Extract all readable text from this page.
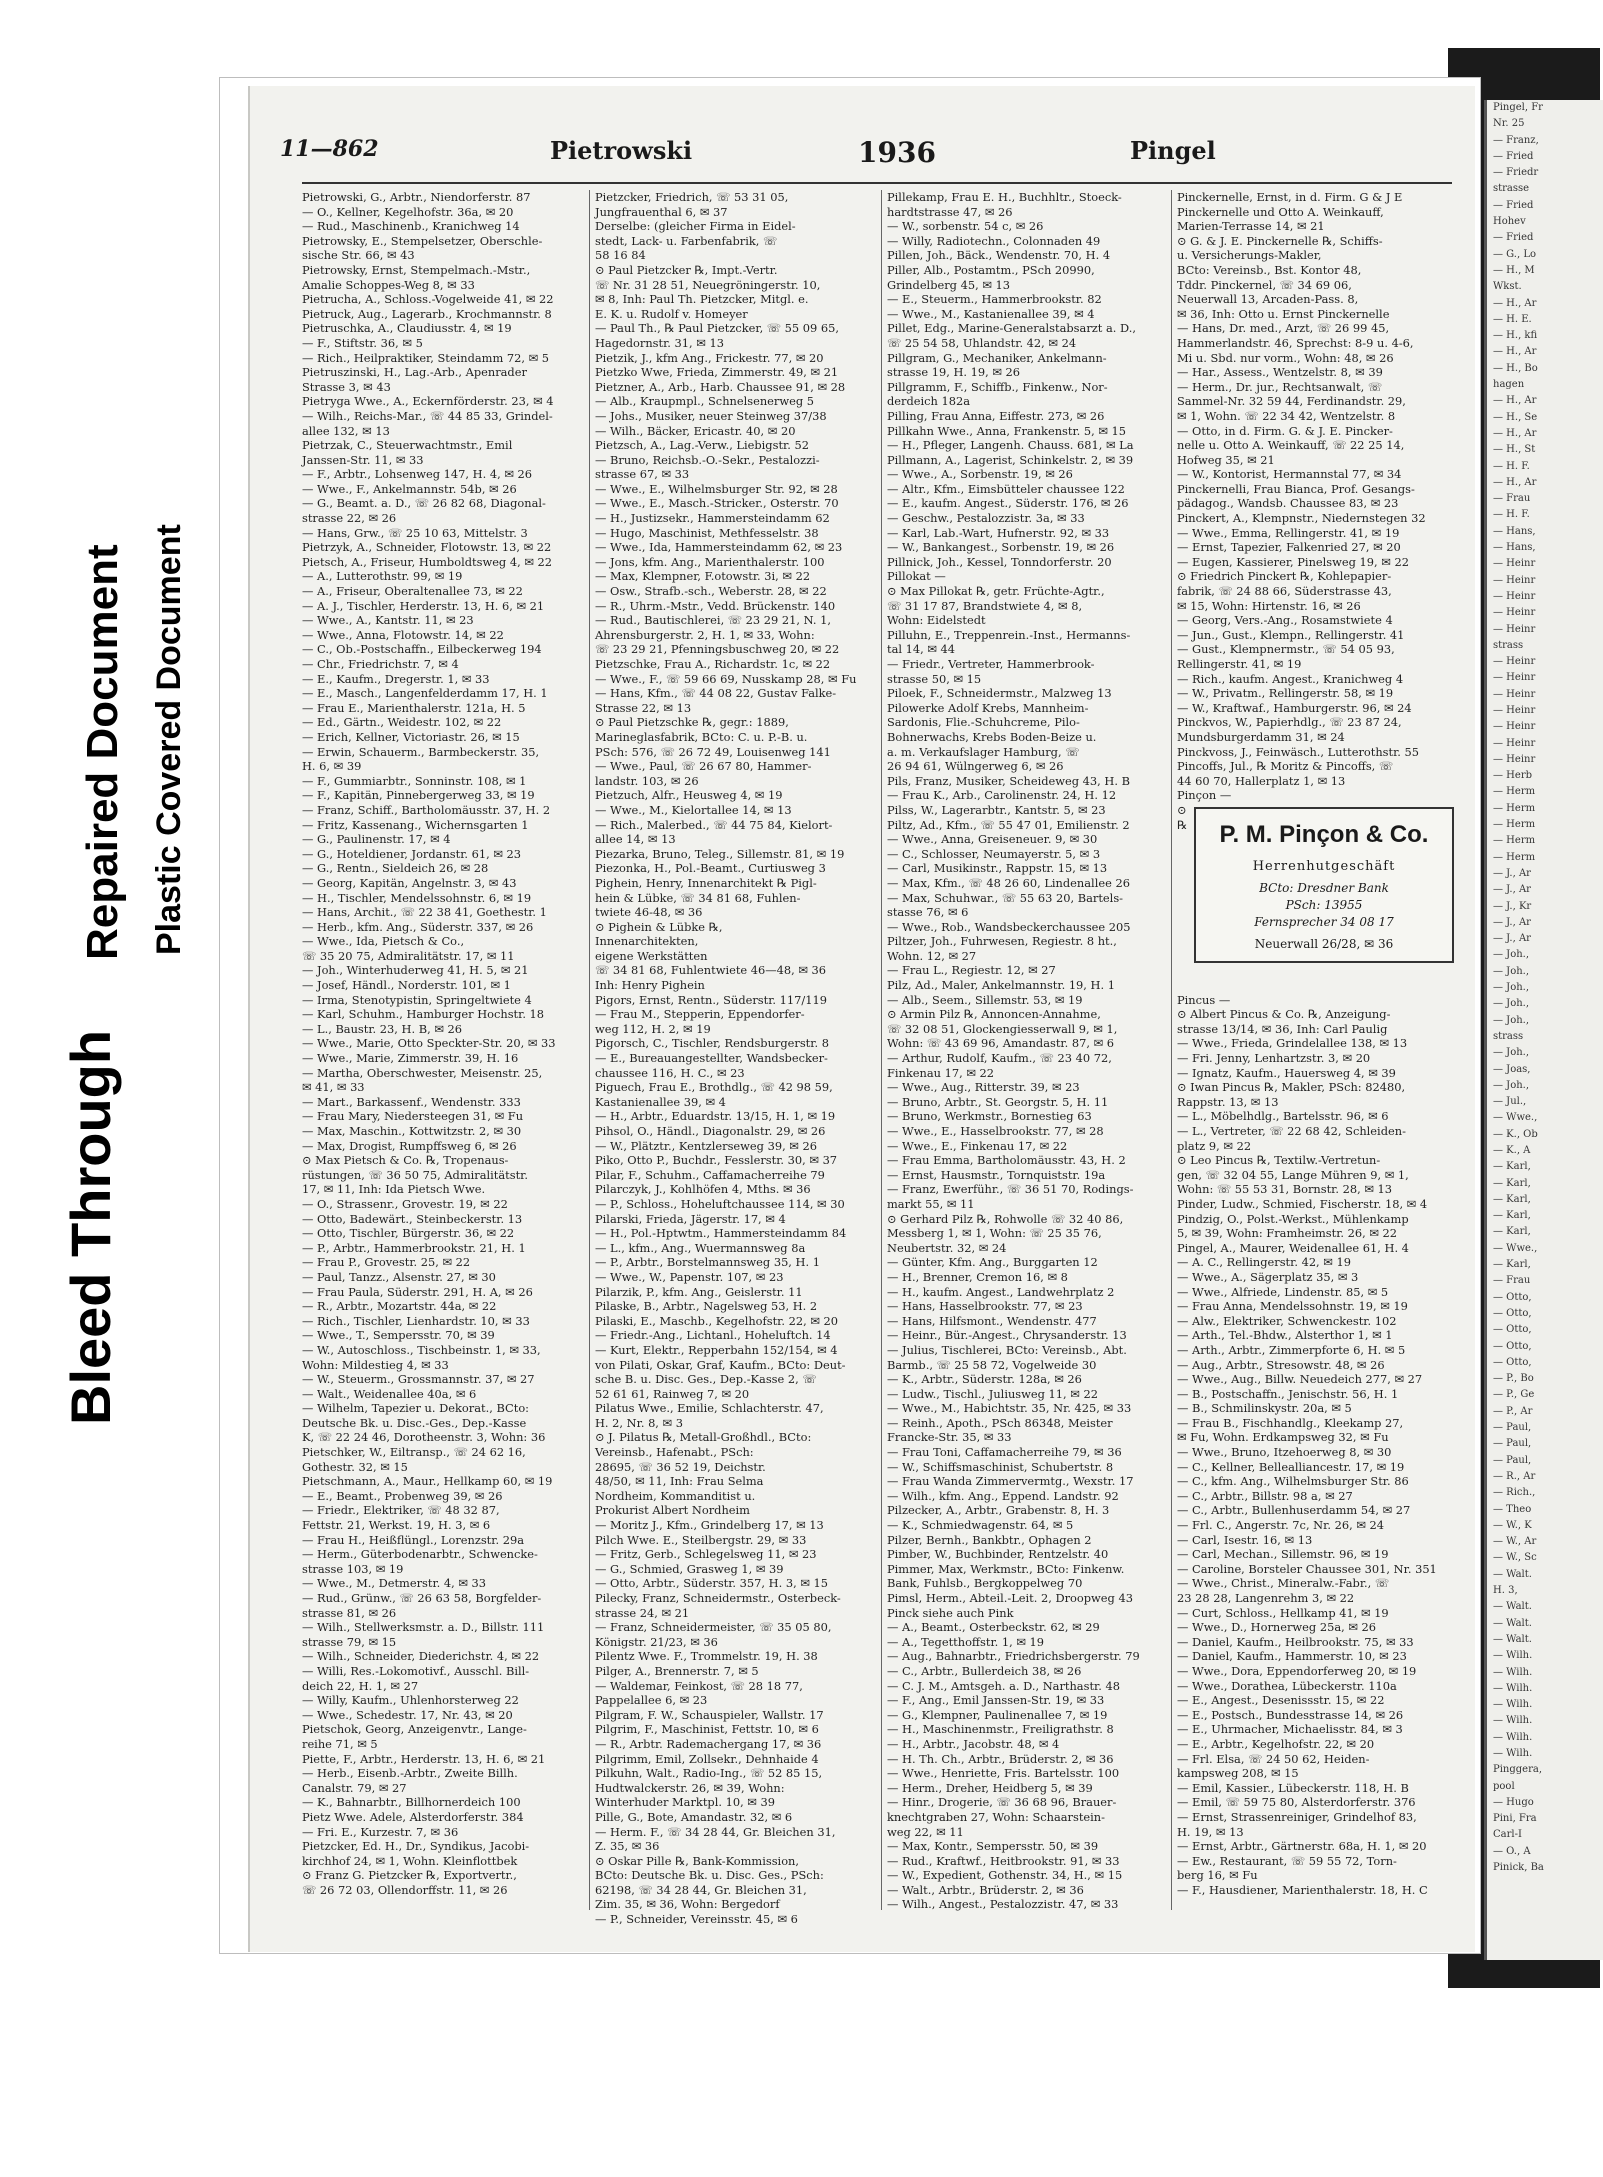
Bleed Through
Repaired Document Plastic Covered Document
Pingel, Fr
Nr. 25
— Franz,
— Fried
— Friedr
strasse
— Fried
Hohev
— Fried
— G., Lo
— H., M
Wkst.
— H., Ar
— H. E.
— H., kfi
— H., Ar
— H., Bo
hagen
— H., Ar
— H., Se
— H., Ar
— H., St
— H. F.
— H., Ar
— Frau
— H. F.
— Hans,
— Hans,
— Heinr
— Heinr
— Heinr
— Heinr
— Heinr
strass
— Heinr
— Heinr
— Heinr
— Heinr
— Heinr
— Heinr
— Heinr
— Herb
— Herm
— Herm
— Herm
— Herm
— Herm
— J., Ar
— J., Ar
— J., Kr
— J., Ar
— J., Ar
— Joh.,
— Joh.,
— Joh.,
— Joh.,
— Joh.,
strass
— Joh.,
— Joas,
— Joh.,
— Jul.,
— Wwe.,
— K., Ob
— K., A
— Karl,
— Karl,
— Karl,
— Karl,
— Karl,
— Wwe.,
— Karl,
— Frau
— Otto,
— Otto,
— Otto,
— Otto,
— Otto,
— P., Bo
— P., Ge
— P., Ar
— Paul,
— Paul,
— Paul,
— R., Ar
— Rich.,
— Theo
— W., K
— W., Ar
— W., Sc
— Walt.
H. 3,
— Walt.
— Walt.
— Walt.
— Wilh.
— Wilh.
— Wilh.
— Wilh.
— Wilh.
— Wilh.
— Wilh.
Pinggera,
pool
— Hugo
Pini, Fra
Carl-I
— O., A
Pinick, Ba
11—862	Pietrowski	1936	Pingel
Pietrowski, G., Arbtr., Niendorferstr. 87
— O., Kellner, Kegelhofstr. 36a, ✉ 20
— Rud., Maschinenb., Kranichweg 14
Pietrowsky, E., Stempelsetzer, Oberschle-
sische Str. 66, ✉ 43
Pietrowsky, Ernst, Stempelmach.-Mstr.,
Amalie Schoppes-Weg 8, ✉ 33
Pietrucha, A., Schloss.-Vogelweide 41, ✉ 22
Pietruck, Aug., Lagerarb., Krochmannstr. 8
Pietruschka, A., Claudiusstr. 4, ✉ 19
— F., Stiftstr. 36, ✉ 5
— Rich., Heilpraktiker, Steindamm 72, ✉ 5
Pietruszinski, H., Lag.-Arb., Apenrader
Strasse 3, ✉ 43
Pietryga Wwe., A., Eckernförderstr. 23, ✉ 4
— Wilh., Reichs-Mar., ☏ 44 85 33, Grindel-
allee 132, ✉ 13
Pietrzak, C., Steuerwachtmstr., Emil
Janssen-Str. 11, ✉ 33
— F., Arbtr., Lohsenweg 147, H. 4, ✉ 26
— Wwe., F., Ankelmannstr. 54b, ✉ 26
— G., Beamt. a. D., ☏ 26 82 68, Diagonal-
strasse 22, ✉ 26
— Hans, Grw., ☏ 25 10 63, Mittelstr. 3
Pietrzyk, A., Schneider, Flotowstr. 13, ✉ 22
Pietsch, A., Friseur, Humboldtsweg 4, ✉ 22
— A., Lutterothstr. 99, ✉ 19
— A., Friseur, Oberaltenallee 73, ✉ 22
— A. J., Tischler, Herderstr. 13, H. 6, ✉ 21
— Wwe., A., Kantstr. 11, ✉ 23
— Wwe., Anna, Flotowstr. 14, ✉ 22
— C., Ob.-Postschaffn., Eilbeckerweg 194
— Chr., Friedrichstr. 7, ✉ 4
— E., Kaufm., Dregerstr. 1, ✉ 33
— E., Masch., Langenfelderdamm 17, H. 1
— Frau E., Marienthalerstr. 121a, H. 5
— Ed., Gärtn., Weidestr. 102, ✉ 22
— Erich, Kellner, Victoriastr. 26, ✉ 15
— Erwin, Schauerm., Barmbeckerstr. 35,
H. 6, ✉ 39
— F., Gummiarbtr., Sonninstr. 108, ✉ 1
— F., Kapitän, Pinnebergerweg 33, ✉ 19
— Franz, Schiff., Bartholomäusstr. 37, H. 2
— Fritz, Kassenang., Wichernsgarten 1
— G., Paulinenstr. 17, ✉ 4
— G., Hoteldiener, Jordanstr. 61, ✉ 23
— G., Rentn., Sieldeich 26, ✉ 28
— Georg, Kapitän, Angelnstr. 3, ✉ 43
— H., Tischler, Mendelssohnstr. 6, ✉ 19
— Hans, Archit., ☏ 22 38 41, Goethestr. 1
— Herb., kfm. Ang., Süderstr. 337, ✉ 26
— Wwe., Ida, Pietsch & Co.,
☏ 35 20 75, Admiralitätstr. 17, ✉ 11
— Joh., Winterhuderweg 41, H. 5, ✉ 21
— Josef, Händl., Norderstr. 101, ✉ 1
— Irma, Stenotypistin, Springeltwiete 4
— Karl, Schuhm., Hamburger Hochstr. 18
— L., Baustr. 23, H. B, ✉ 26
— Wwe., Marie, Otto Speckter-Str. 20, ✉ 33
— Wwe., Marie, Zimmerstr. 39, H. 16
— Martha, Oberschwester, Meisenstr. 25,
✉ 41, ✉ 33
— Mart., Barkassenf., Wendenstr. 333
— Frau Mary, Niedersteegen 31, ✉ Fu
— Max, Maschin., Kottwitzstr. 2, ✉ 30
— Max, Drogist, Rumpffsweg 6, ✉ 26
⊙ Max Pietsch & Co. ℞, Tropenaus-
rüstungen, ☏ 36 50 75, Admiralitätstr.
17, ✉ 11, Inh: Ida Pietsch Wwe.
— O., Strassenr., Grovestr. 19, ✉ 22
— Otto, Badewärt., Steinbeckerstr. 13
— Otto, Tischler, Bürgerstr. 36, ✉ 22
— P., Arbtr., Hammerbrookstr. 21, H. 1
— Frau P., Grovestr. 25, ✉ 22
— Paul, Tanzz., Alsenstr. 27, ✉ 30
— Frau Paula, Süderstr. 291, H. A, ✉ 26
— R., Arbtr., Mozartstr. 44a, ✉ 22
— Rich., Tischler, Lienhardstr. 10, ✉ 33
— Wwe., T., Sempersstr. 70, ✉ 39
— W., Autoschloss., Tischbeinstr. 1, ✉ 33,
Wohn: Mildestieg 4, ✉ 33
— W., Steuerm., Grossmannstr. 37, ✉ 27
— Walt., Weidenallee 40a, ✉ 6
— Wilhelm, Tapezier u. Dekorat., BCto:
Deutsche Bk. u. Disc.-Ges., Dep.-Kasse
K, ☏ 22 24 46, Dorotheenstr. 3, Wohn: 36
Pietschker, W., Eiltransp., ☏ 24 62 16,
Gothestr. 32, ✉ 15
Pietschmann, A., Maur., Hellkamp 60, ✉ 19
— E., Beamt., Probenweg 39, ✉ 26
— Friedr., Elektriker, ☏ 48 32 87,
Fettstr. 21, Werkst. 19, H. 3, ✉ 6
— Frau H., Heißflüngl., Lorenzstr. 29a
— Herm., Güterbodenarbtr., Schwencke-
strasse 103, ✉ 19
— Wwe., M., Detmerstr. 4, ✉ 33
— Rud., Grünw., ☏ 26 63 58, Borgfelder-
strasse 81, ✉ 26
— Wilh., Stellwerksmstr. a. D., Billstr. 111
strasse 79, ✉ 15
— Wilh., Schneider, Diederichstr. 4, ✉ 22
— Willi, Res.-Lokomotivf., Ausschl. Bill-
deich 22, H. 1, ✉ 27
— Willy, Kaufm., Uhlenhorsterweg 22
— Wwe., Schedestr. 17, Nr. 43, ✉ 20
Pietschok, Georg, Anzeigenvtr., Lange-
reihe 71, ✉ 5
Piette, F., Arbtr., Herderstr. 13, H. 6, ✉ 21
— Herb., Eisenb.-Arbtr., Zweite Billh.
Canalstr. 79, ✉ 27
— K., Bahnarbtr., Billhornerdeich 100
Pietz Wwe. Adele, Alsterdorferstr. 384
— Fri. E., Kurzestr. 7, ✉ 36
Pietzcker, Ed. H., Dr., Syndikus, Jacobi-
kirchhof 24, ✉ 1, Wohn. Kleinflottbek
⊙ Franz G. Pietzcker ℞, Exportvertr.,
☏ 26 72 03, Ollendorffstr. 11, ✉ 26
Pietzcker, Friedrich, ☏ 53 31 05,
Jungfrauenthal 6, ✉ 37
Derselbe: (gleicher Firma in Eidel-
stedt, Lack- u. Farbenfabrik, ☏
58 16 84
⊙ Paul Pietzcker ℞, Impt.-Vertr.
☏ Nr. 31 28 51, Neuegröningerstr. 10,
✉ 8, Inh: Paul Th. Pietzcker, Mitgl. e.
E. K. u. Rudolf v. Homeyer
— Paul Th., ℞ Paul Pietzcker, ☏ 55 09 65,
Hagedornstr. 31, ✉ 13
Pietzik, J., kfm Ang., Frickestr. 77, ✉ 20
Pietzko Wwe, Frieda, Zimmerstr. 49, ✉ 21
Pietzner, A., Arb., Harb. Chaussee 91, ✉ 28
— Alb., Kraupmpl., Schnelsenerweg 5
— Johs., Musiker, neuer Steinweg 37/38
— Wilh., Bäcker, Ericastr. 40, ✉ 20
Pietzsch, A., Lag.-Verw., Liebigstr. 52
— Bruno, Reichsb.-O.-Sekr., Pestalozzi-
strasse 67, ✉ 33
— Wwe., E., Wilhelmsburger Str. 92, ✉ 28
— Wwe., E., Masch.-Stricker., Osterstr. 70
— H., Justizsekr., Hammersteindamm 62
— Hugo, Maschinist, Methfesselstr. 38
— Wwe., Ida, Hammersteindamm 62, ✉ 23
— Jons, kfm. Ang., Marienthalerstr. 100
— Max, Klempner, F.otowstr. 3i, ✉ 22
— Osw., Strafb.-sch., Weberstr. 28, ✉ 22
— R., Uhrm.-Mstr., Vedd. Brückenstr. 140
— Rud., Bautischlerei, ☏ 23 29 21, N. 1,
Ahrensburgerstr. 2, H. 1, ✉ 33, Wohn:
☏ 23 29 21, Pfenningsbuschweg 20, ✉ 22
Pietzschke, Frau A., Richardstr. 1c, ✉ 22
— Wwe., F., ☏ 59 66 69, Nusskamp 28, ✉ Fu
— Hans, Kfm., ☏ 44 08 22, Gustav Falke-
Strasse 22, ✉ 13
⊙ Paul Pietzschke ℞, gegr.: 1889,
Marineglasfabrik, BCto: C. u. P.-B. u.
PSch: 576, ☏ 26 72 49, Louisenweg 141
— Wwe., Paul, ☏ 26 67 80, Hammer-
landstr. 103, ✉ 26
Pietzuch, Alfr., Heusweg 4, ✉ 19
— Wwe., M., Kielortallee 14, ✉ 13
— Rich., Malerbed., ☏ 44 75 84, Kielort-
allee 14, ✉ 13
Piezarka, Bruno, Teleg., Sillemstr. 81, ✉ 19
Piezonka, H., Pol.-Beamt., Curtiusweg 3
Pighein, Henry, Innenarchitekt ℞ Pigl-
hein & Lübke, ☏ 34 81 68, Fuhlen-
twiete 46-48, ✉ 36
⊙ Pighein & Lübke ℞,
Innenarchitekten,
eigene Werkstätten
☏ 34 81 68, Fuhlentwiete 46—48, ✉ 36
Inh: Henry Pighein
Pigors, Ernst, Rentn., Süderstr. 117/119
— Frau M., Stepperin, Eppendorfer-
weg 112, H. 2, ✉ 19
Pigorsch, C., Tischler, Rendsburgerstr. 8
— E., Bureauangestellter, Wandsbecker-
chaussee 116, H. C., ✉ 23
Piguech, Frau E., Brothdlg., ☏ 42 98 59,
Kastanienallee 39, ✉ 4
— H., Arbtr., Eduardstr. 13/15, H. 1, ✉ 19
Pihsol, O., Händl., Diagonalstr. 29, ✉ 26
— W., Plätztr., Kentzlerseweg 39, ✉ 26
Piko, Otto P., Buchdr., Fesslerstr. 30, ✉ 37
Pilar, F., Schuhm., Caffamacherreihe 79
Pilarczyk, J., Kohlhöfen 4, Mths. ✉ 36
— P., Schloss., Hoheluftchaussee 114, ✉ 30
Pilarski, Frieda, Jägerstr. 17, ✉ 4
— H., Pol.-Hptwtm., Hammersteindamm 84
— L., kfm., Ang., Wuermannsweg 8a
— P., Arbtr., Borstelmannsweg 35, H. 1
— Wwe., W., Papenstr. 107, ✉ 23
Pilarzik, P., kfm. Ang., Geislerstr. 11
Pilaske, B., Arbtr., Nagelsweg 53, H. 2
Pilaski, E., Maschb., Kegelhofstr. 22, ✉ 20
— Friedr.-Ang., Lichtanl., Hoheluftch. 14
— Kurt, Elektr., Repperbahn 152/154, ✉ 4
von Pilati, Oskar, Graf, Kaufm., BCto: Deut-
sche B. u. Disc. Ges., Dep.-Kasse 2, ☏
52 61 61, Rainweg 7, ✉ 20
Pilatus Wwe., Emilie, Schlachterstr. 47,
H. 2, Nr. 8, ✉ 3
⊙ J. Pilatus ℞, Metall-Großhdl., BCto:
Vereinsb., Hafenabt., PSch:
28695, ☏ 36 52 19, Deichstr.
48/50, ✉ 11, Inh: Frau Selma
Nordheim, Kommanditist u.
Prokurist Albert Nordheim
— Moritz J., Kfm., Grindelberg 17, ✉ 13
Pilch Wwe. E., Steilbergstr. 29, ✉ 33
— Fritz, Gerb., Schlegelsweg 11, ✉ 23
— G., Schmied, Grasweg 1, ✉ 39
— Otto, Arbtr., Süderstr. 357, H. 3, ✉ 15
Pilecky, Franz, Schneidermstr., Osterbeck-
strasse 24, ✉ 21
— Franz, Schneidermeister, ☏ 35 05 80,
Königstr. 21/23, ✉ 36
Pilentz Wwe. F., Trommelstr. 19, H. 38
Pilger, A., Brennerstr. 7, ✉ 5
— Waldemar, Feinkost, ☏ 28 18 77,
Pappelallee 6, ✉ 23
Pilgram, F. W., Schauspieler, Wallstr. 17
Pilgrim, F., Maschinist, Fettstr. 10, ✉ 6
— R., Arbtr. Rademachergang 17, ✉ 36
Pilgrimm, Emil, Zollsekr., Dehnhaide 4
Pilkuhn, Walt., Radio-Ing., ☏ 52 85 15,
Hudtwalckerstr. 26, ✉ 39, Wohn:
Winterhuder Marktpl. 10, ✉ 39
Pille, G., Bote, Amandastr. 32, ✉ 6
— Herm. F., ☏ 34 28 44, Gr. Bleichen 31,
Z. 35, ✉ 36
⊙ Oskar Pille ℞, Bank-Kommission,
BCto: Deutsche Bk. u. Disc. Ges., PSch:
62198, ☏ 34 28 44, Gr. Bleichen 31,
Zim. 35, ✉ 36, Wohn: Bergedorf
— P., Schneider, Vereinsstr. 45, ✉ 6
Pillekamp, Frau E. H., Buchhltr., Stoeck-
hardtstrasse 47, ✉ 26
— W., sorbenstr. 54 c, ✉ 26
— Willy, Radiotechn., Colonnaden 49
Pillen, Joh., Bäck., Wendenstr. 70, H. 4
Piller, Alb., Postamtm., PSch 20990,
Grindelberg 45, ✉ 13
— E., Steuerm., Hammerbrookstr. 82
— Wwe., M., Kastanienallee 39, ✉ 4
Pillet, Edg., Marine-Generalstabsarzt a. D.,
☏ 25 54 58, Uhlandstr. 42, ✉ 24
Pillgram, G., Mechaniker, Ankelmann-
strasse 19, H. 19, ✉ 26
Pillgramm, F., Schiffb., Finkenw., Nor-
derdeich 182a
Pilling, Frau Anna, Eiffestr. 273, ✉ 26
Pillkahn Wwe., Anna, Frankenstr. 5, ✉ 15
— H., Pfleger, Langenh. Chauss. 681, ✉ La
Pillmann, A., Lagerist, Schinkelstr. 2, ✉ 39
— Wwe., A., Sorbenstr. 19, ✉ 26
— Altr., Kfm., Eimsbütteler chaussee 122
— E., kaufm. Angest., Süderstr. 176, ✉ 26
— Geschw., Pestalozzistr. 3a, ✉ 33
— Karl, Lab.-Wart, Hufnerstr. 92, ✉ 33
— W., Bankangest., Sorbenstr. 19, ✉ 26
Pillnick, Joh., Kessel, Tonndorferstr. 20
Pillokat —
⊙ Max Pillokat ℞, getr. Früchte-Agtr.,
☏ 31 17 87, Brandstwiete 4, ✉ 8,
Wohn: Eidelstedt
Pilluhn, E., Treppenrein.-Inst., Hermanns-
tal 14, ✉ 44
— Friedr., Vertreter, Hammerbrook-
strasse 50, ✉ 15
Piloek, F., Schneidermstr., Malzweg 13
Pilowerke Adolf Krebs, Mannheim-
Sardonis, Flie.-Schuhcreme, Pilo-
Bohnerwachs, Krebs Boden-Beize u.
a. m. Verkaufslager Hamburg, ☏
26 94 61, Wülngerweg 6, ✉ 26
Pils, Franz, Musiker, Scheideweg 43, H. B
— Frau K., Arb., Carolinenstr. 24, H. 12
Pilss, W., Lagerarbtr., Kantstr. 5, ✉ 23
Piltz, Ad., Kfm., ☏ 55 47 01, Emilienstr. 2
— Wwe., Anna, Greiseneuer. 9, ✉ 30
— C., Schlosser, Neumayerstr. 5, ✉ 3
— Carl, Musikinstr., Rappstr. 15, ✉ 13
— Max, Kfm., ☏ 48 26 60, Lindenallee 26
— Max, Schuhwar., ☏ 55 63 20, Bartels-
stasse 76, ✉ 6
— Wwe., Rob., Wandsbeckerchaussee 205
Piltzer, Joh., Fuhrwesen, Regiestr. 8 ht.,
Wohn. 12, ✉ 27
— Frau L., Regiestr. 12, ✉ 27
Pilz, Ad., Maler, Ankelmannstr. 19, H. 1
— Alb., Seem., Sillemstr. 53, ✉ 19
⊙ Armin Pilz ℞, Annoncen-Annahme,
☏ 32 08 51, Glockengiesserwall 9, ✉ 1,
Wohn: ☏ 43 69 96, Amandastr. 87, ✉ 6
— Arthur, Rudolf, Kaufm., ☏ 23 40 72,
Finkenau 17, ✉ 22
— Wwe., Aug., Ritterstr. 39, ✉ 23
— Bruno, Arbtr., St. Georgstr. 5, H. 11
— Bruno, Werkmstr., Bornestieg 63
— Wwe., E., Hasselbrookstr. 77, ✉ 28
— Wwe., E., Finkenau 17, ✉ 22
— Frau Emma, Bartholomäusstr. 43, H. 2
— Ernst, Hausmstr., Tornquiststr. 19a
— Franz, Ewerführ., ☏ 36 51 70, Rodings-
markt 55, ✉ 11
⊙ Gerhard Pilz ℞, Rohwolle ☏ 32 40 86,
Messberg 1, ✉ 1, Wohn: ☏ 25 35 76,
Neubertstr. 32, ✉ 24
— Günter, Kfm. Ang., Burggarten 12
— H., Brenner, Cremon 16, ✉ 8
— H., kaufm. Angest., Landwehrplatz 2
— Hans, Hasselbrookstr. 77, ✉ 23
— Hans, Hilfsmont., Wendenstr. 477
— Heinr., Bür.-Angest., Chrysanderstr. 13
— Julius, Tischlerei, BCto: Vereinsb., Abt.
Barmb., ☏ 25 58 72, Vogelweide 30
— K., Arbtr., Süderstr. 128a, ✉ 26
— Ludw., Tischl., Juliusweg 11, ✉ 22
— Wwe., M., Habichtstr. 35, Nr. 425, ✉ 33
— Reinh., Apoth., PSch 86348, Meister
Francke-Str. 35, ✉ 33
— Frau Toni, Caffamacherreihe 79, ✉ 36
— W., Schiffsmaschinist, Schubertstr. 8
— Frau Wanda Zimmervermtg., Wexstr. 17
— Wilh., kfm. Ang., Eppend. Landstr. 92
Pilzecker, A., Arbtr., Grabenstr. 8, H. 3
— K., Schmiedwagenstr. 64, ✉ 5
Pilzer, Bernh., Bankbtr., Ophagen 2
Pimber, W., Buchbinder, Rentzelstr. 40
Pimmer, Max, Werkmstr., BCto: Finkenw.
Bank, Fuhlsb., Bergkoppelweg 70
Pimsl, Herm., Abteil.-Leit. 2, Droopweg 43
Pinck siehe auch Pink
— A., Beamt., Osterbeckstr. 62, ✉ 29
— A., Tegetthoffstr. 1, ✉ 19
— Aug., Bahnarbtr., Friedrichsbergerstr. 79
— C., Arbtr., Bullerdeich 38, ✉ 26
— C. J. M., Amtsgeh. a. D., Narthastr. 48
— F., Ang., Emil Janssen-Str. 19, ✉ 33
— G., Klempner, Paulinenallee 7, ✉ 19
— H., Maschinenmstr., Freiligrathstr. 8
— H., Arbtr., Jacobstr. 48, ✉ 4
— H. Th. Ch., Arbtr., Brüderstr. 2, ✉ 36
— Wwe., Henriette, Fris. Bartelsstr. 100
— Herm., Dreher, Heidberg 5, ✉ 39
— Hinr., Drogerie, ☏ 36 68 96, Brauer-
knechtgraben 27, Wohn: Schaarstein-
weg 22, ✉ 11
— Max, Kontr., Sempersstr. 50, ✉ 39
— Rud., Kraftwf., Heitbrookstr. 91, ✉ 33
— W., Expedient, Gothenstr. 34, H., ✉ 15
— Walt., Arbtr., Brüderstr. 2, ✉ 36
— Wilh., Angest., Pestalozzistr. 47, ✉ 33
Pinckernelle, Ernst, in d. Firm. G & J E
Pinckernelle und Otto A. Weinkauff,
Marien-Terrasse 14, ✉ 21
⊙ G. & J. E. Pinckernelle ℞, Schiffs-
u. Versicherungs-Makler,
BCto: Vereinsb., Bst. Kontor 48,
Tddr. Pinckernel, ☏ 34 69 06,
Neuerwall 13, Arcaden-Pass. 8,
✉ 36, Inh: Otto u. Ernst Pinckernelle
— Hans, Dr. med., Arzt, ☏ 26 99 45,
Hammerlandstr. 46, Sprechst: 8-9 u. 4-6,
Mi u. Sbd. nur vorm., Wohn: 48, ✉ 26
— Har., Assess., Wentzelstr. 8, ✉ 39
— Herm., Dr. jur., Rechtsanwalt, ☏
Sammel-Nr. 32 59 44, Ferdinandstr. 29,
✉ 1, Wohn. ☏ 22 34 42, Wentzelstr. 8
— Otto, in d. Firm. G. & J. E. Pincker-
nelle u. Otto A. Weinkauff, ☏ 22 25 14,
Hofweg 35, ✉ 21
— W., Kontorist, Hermannstal 77, ✉ 34
Pinckernelli, Frau Bianca, Prof. Gesangs-
pädagog., Wandsb. Chaussee 83, ✉ 23
Pinckert, A., Klempnstr., Niedernstegen 32
— Wwe., Emma, Rellingerstr. 41, ✉ 19
— Ernst, Tapezier, Falkenried 27, ✉ 20
— Eugen, Kassierer, Pinelsweg 19, ✉ 22
⊙ Friedrich Pinckert ℞, Kohlepapier-
fabrik, ☏ 24 88 66, Süderstrasse 43,
✉ 15, Wohn: Hirtenstr. 16, ✉ 26
— Georg, Vers.-Ang., Rosamstwiete 4
— Jun., Gust., Klempn., Rellingerstr. 41
— Gust., Klempnermstr., ☏ 54 05 93,
Rellingerstr. 41, ✉ 19
— Rich., kaufm. Angest., Kranichweg 4
— W., Privatm., Rellingerstr. 58, ✉ 19
— W., Kraftwaf., Hamburgerstr. 96, ✉ 24
Pinckvos, W., Papierhdlg., ☏ 23 87 24,
Mundsburgerdamm 31, ✉ 24
Pinckvoss, J., Feinwäsch., Lutterothstr. 55
Pincoffs, Jul., ℞ Moritz & Pincoffs, ☏
44 60 70, Hallerplatz 1, ✉ 13
Pinçon —
⊙
℞

Pincus —
⊙ Albert Pincus & Co. ℞, Anzeigung-
strasse 13/14, ✉ 36, Inh: Carl Paulig
— Wwe., Frieda, Grindelallee 138, ✉ 13
— Fri. Jenny, Lenhartzstr. 3, ✉ 20
— Ignatz, Kaufm., Hauersweg 4, ✉ 39
⊙ Iwan Pincus ℞, Makler, PSch: 82480,
Rappstr. 13, ✉ 13
— L., Möbelhdlg., Bartelsstr. 96, ✉ 6
— L., Vertreter, ☏ 22 68 42, Schleiden-
platz 9, ✉ 22
⊙ Leo Pincus ℞, Textilw.-Vertretun-
gen, ☏ 32 04 55, Lange Mühren 9, ✉ 1,
Wohn: ☏ 55 53 31, Bornstr. 28, ✉ 13
Pinder, Ludw., Schmied, Fischerstr. 18, ✉ 4
Pindzig, O., Polst.-Werkst., Mühlenkamp
5, ✉ 39, Wohn: Framheimstr. 26, ✉ 22
Pingel, A., Maurer, Weidenallee 61, H. 4
— A. C., Rellingerstr. 42, ✉ 19
— Wwe., A., Sägerplatz 35, ✉ 3
— Wwe., Alfriede, Lindenstr. 85, ✉ 5
— Frau Anna, Mendelssohnstr. 19, ✉ 19
— Alw., Elektriker, Schwenckestr. 102
— Arth., Tel.-Bhdw., Alsterthor 1, ✉ 1
— Arth., Arbtr., Zimmerpforte 6, H. ✉ 5
— Aug., Arbtr., Stresowstr. 48, ✉ 26
— Wwe., Aug., Billw. Neuedeich 277, ✉ 27
— B., Postschaffn., Jenischstr. 56, H. 1
— B., Schmilinskystr. 20a, ✉ 5
— Frau B., Fischhandlg., Kleekamp 27,
✉ Fu, Wohn. Erdkampsweg 32, ✉ Fu
— Wwe., Bruno, Itzehoerweg 8, ✉ 30
— C., Kellner, Bellealliancestr. 17, ✉ 19
— C., kfm. Ang., Wilhelmsburger Str. 86
— C., Arbtr., Billstr. 98 a, ✉ 27
— C., Arbtr., Bullenhuserdamm 54, ✉ 27
— Frl. C., Angerstr. 7c, Nr. 26, ✉ 24
— Carl, Isestr. 16, ✉ 13
— Carl, Mechan., Sillemstr. 96, ✉ 19
— Caroline, Borsteler Chaussee 301, Nr. 351
— Wwe., Christ., Mineralw.-Fabr., ☏
23 28 28, Langenrehm 3, ✉ 22
— Curt, Schloss., Hellkamp 41, ✉ 19
— Wwe., D., Hornerweg 25a, ✉ 26
— Daniel, Kaufm., Heilbrookstr. 75, ✉ 33
— Daniel, Kaufm., Hammerstr. 10, ✉ 23
— Wwe., Dora, Eppendorferweg 20, ✉ 19
— Wwe., Dorathea, Lübeckerstr. 110a
— E., Angest., Desenissstr. 15, ✉ 22
— E., Postsch., Bundesstrasse 14, ✉ 26
— E., Uhrmacher, Michaelisstr. 84, ✉ 3
— E., Arbtr., Kegelhofstr. 22, ✉ 20
— Frl. Elsa, ☏ 24 50 62, Heiden-
kampsweg 208, ✉ 15
— Emil, Kassier., Lübeckerstr. 118, H. B
— Emil, ☏ 59 75 80, Alsterdorferstr. 376
— Ernst, Strassenreiniger, Grindelhof 83,
H. 19, ✉ 13
— Ernst, Arbtr., Gärtnerstr. 68a, H. 1, ✉ 20
— Ew., Restaurant, ☏ 59 55 72, Torn-
berg 16, ✉ Fu
— F., Hausdiener, Marienthalerstr. 18, H. C
P. M. Pinçon & Co.
Herrenhutgeschäft
BCto: Dresdner Bank
PSch: 13955
Fernsprecher 34 08 17
Neuerwall 26/28, ✉ 36
